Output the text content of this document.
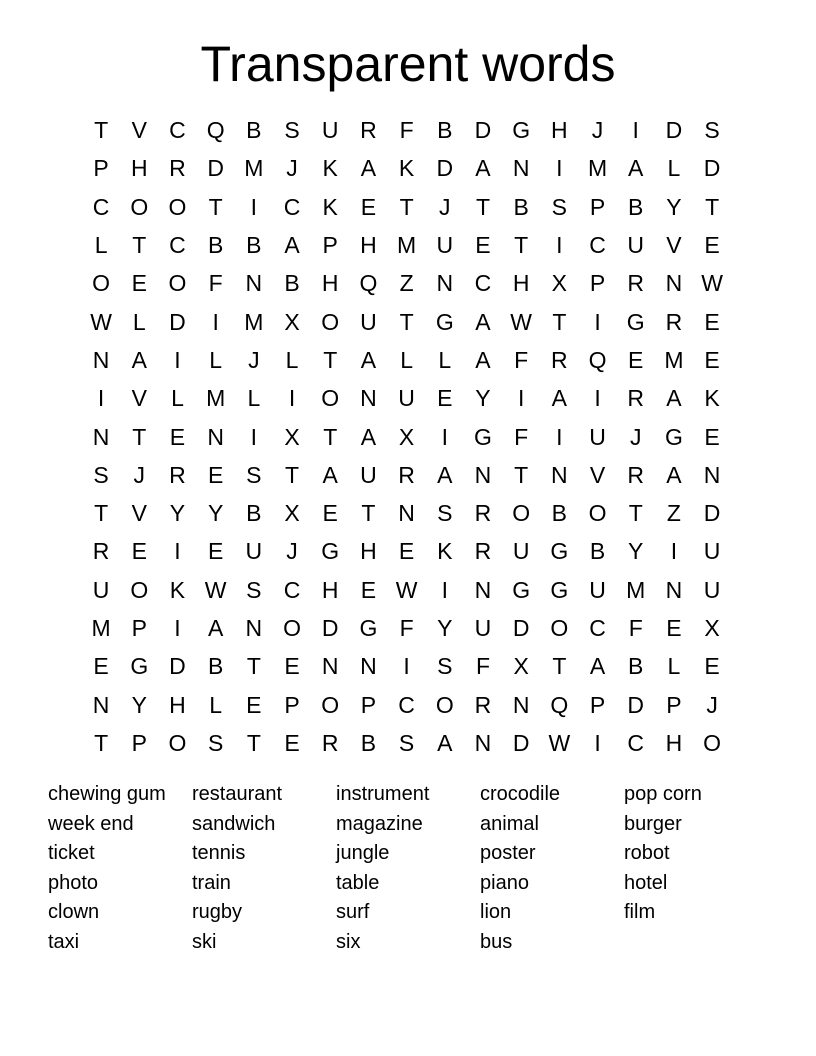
Transparent words
T	V C Q B S U R F	B D G H	J	I	D S
P H R D M J	K A K D A N	I	M A	L	D
C O O T	I	C K E	T	J	T	B S P B Y	T
L	T C B B A P H M U E	T	I	C U V E
O E O F N B H Q Z N C H X P R N W
W L	D	I	M X O U T G A W T	I	G R E
N A	I	L	J	L	T	A	L	L	A	F R Q E M E
I	V	L M L	I	O N U E Y	I	A	I	R A K
N T	E N	I	X	T	A X	I	G F	I	U	J	G E
S	J	R E S	T	A U R A N T N V R A N
T	V Y Y B X E	T N S R O B O T	Z D
R E	I	E U	J	G H E K R U G B Y	I	U
U O K W S C H E W	I	N G G U M N U
M P	I	A N O D G F	Y U D O C F	E X
E G D B	T	E N N	I	S	F	X	T	A B	L	E
N Y H	L	E P O P C O R N Q P D P	J
T	P O S	T	E R B S A N D W	I	C H O
chewing gum
week end
ticket
photo
clown
taxi
restaurant
sandwich
tennis
train
rugby
ski
instrument
magazine
jungle
table
surf
six
crocodile
animal
poster
piano
lion
bus
pop corn
burger
robot
hotel
film
